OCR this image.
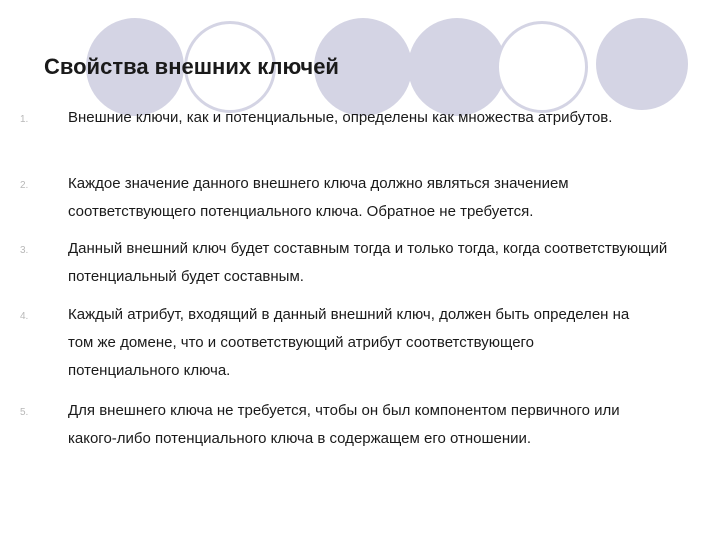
Свойства внешних ключей
1.	Внешние ключи, как и потенциальные, определены как множества атрибутов.
2.	Каждое значение данного внешнего ключа должно являться значением соответствующего потенциального ключа. Обратное не требуется.
3.	Данный внешний ключ будет составным тогда и только тогда, когда соответствующий потенциальный будет составным.
4.	Каждый атрибут, входящий в данный внешний ключ, должен быть определен на том же домене, что и соответствующий атрибут соответствующего потенциального ключа.
5.	Для внешнего ключа не требуется, чтобы он был компонентом первичного или какого-либо потенциального ключа в содержащем его отношении.
